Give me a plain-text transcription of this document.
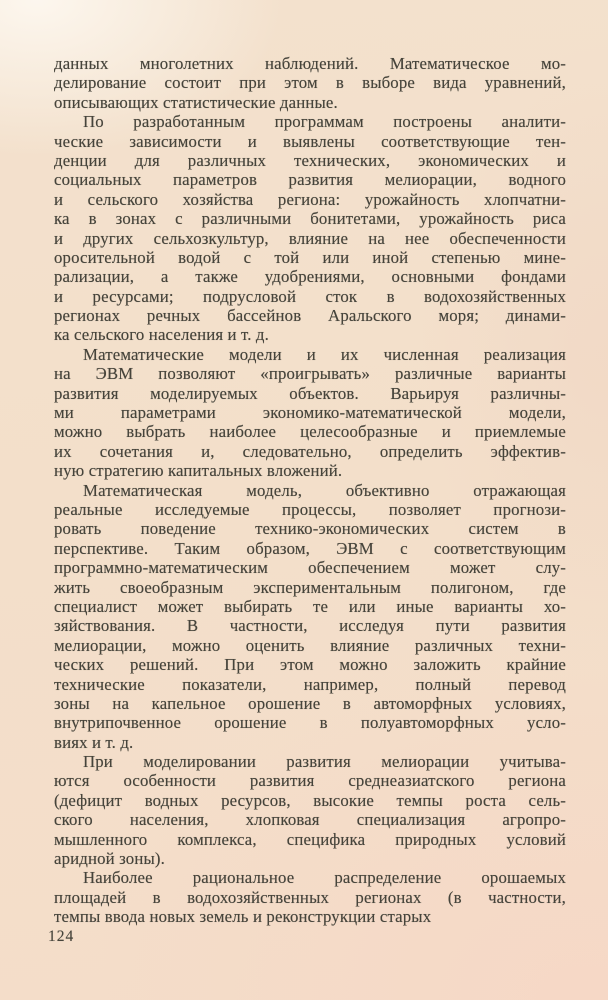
данных многолетних наблюдений. Математическое мо-
делирование состоит при этом в выборе вида уравнений,
описывающих статистические данные.
По разработанным программам построены аналити-
ческие зависимости и выявлены соответствующие тен-
денции для различных технических, экономических и
социальных параметров развития мелиорации, водного
и сельского хозяйства региона: урожайность хлопчатни-
ка в зонах с различными бонитетами, урожайность риса
и других сельхозкультур, влияние на нее обеспеченности
оросительной водой с той или иной степенью мине-
рализации, а также удобрениями, основными фондами
и ресурсами; подрусловой сток в водохозяйственных
регионах речных бассейнов Аральского моря; динами-
ка сельского населения и т. д.
Математические модели и их численная реализация
на ЭВМ позволяют «проигрывать» различные варианты
развития моделируемых объектов. Варьируя различны-
ми параметрами экономико-математической модели,
можно выбрать наиболее целесообразные и приемлемые
их сочетания и, следовательно, определить эффектив-
ную стратегию капитальных вложений.
Математическая модель, объективно отражающая
реальные исследуемые процессы, позволяет прогнози-
ровать поведение технико-экономических систем в
перспективе. Таким образом, ЭВМ с соответствующим
программно-математическим обеспечением может слу-
жить своеобразным экспериментальным полигоном, где
специалист может выбирать те или иные варианты хо-
зяйствования. В частности, исследуя пути развития
мелиорации, можно оценить влияние различных техни-
ческих решений. При этом можно заложить крайние
технические показатели, например, полный перевод
зоны на капельное орошение в автоморфных условиях,
внутрипочвенное орошение в полуавтоморфных усло-
виях и т. д.
При моделировании развития мелиорации учитыва-
ются особенности развития среднеазиатского региона
(дефицит водных ресурсов, высокие темпы роста сель-
ского населения, хлопковая специализация агропро-
мышленного комплекса, специфика природных условий
аридной зоны).
Наиболее рациональное распределение орошаемых
площадей в водохозяйственных регионах (в частности,
темпы ввода новых земель и реконструкции старых
124
